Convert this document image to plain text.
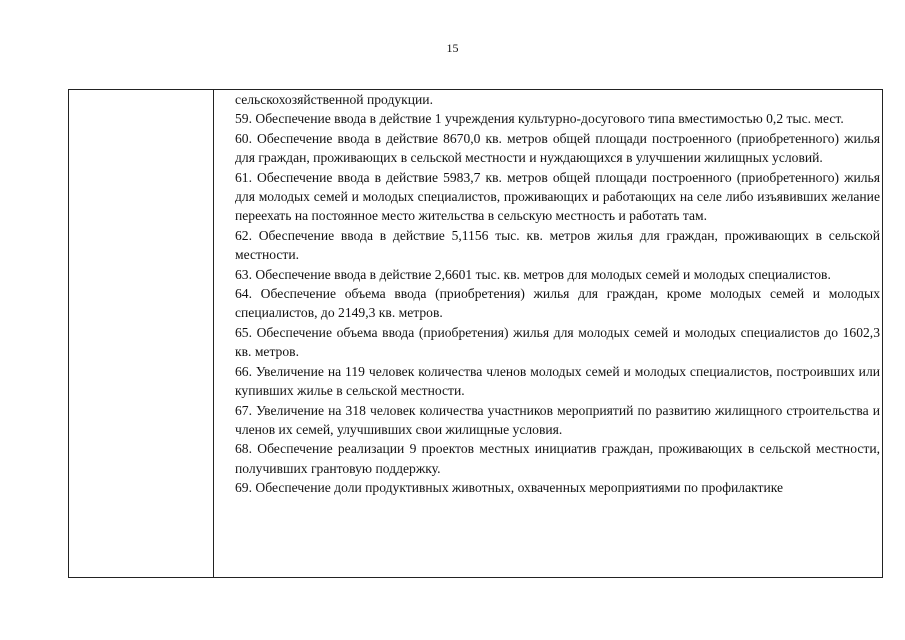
15

сельскохозяйственной продукции.

59. Обеспечение ввода в действие 1 учреждения культурно-досугового типа вместимостью 0,2 тыс. мест.

60. Обеспечение ввода в действие 8670,0 кв. метров общей площади построенного (приобретенного) жилья для граждан, проживающих в сельской местности и нуждающихся в улучшении жилищных условий.

61. Обеспечение ввода в действие 5983,7 кв. метров общей площади построенного (приобретенного) жилья для молодых семей и молодых специалистов, проживающих и работающих на селе либо изъявивших желание переехать на постоянное место жительства в сельскую местность и работать там.

62. Обеспечение ввода в действие 5,1156 тыс. кв. метров жилья для граждан, проживающих в сельской местности.

63. Обеспечение ввода в действие 2,6601 тыс. кв. метров для молодых семей и молодых специалистов.

64. Обеспечение объема ввода (приобретения) жилья для граждан, кроме молодых семей и молодых специалистов, до 2149,3 кв. метров.

65. Обеспечение объема ввода (приобретения) жилья для молодых семей и молодых специалистов до 1602,3 кв. метров.

66. Увеличение на 119 человек количества членов молодых семей и молодых специалистов, построивших или купивших жилье в сельской местности.

67. Увеличение на 318 человек количества участников мероприятий по развитию жилищного строительства и членов их семей, улучшивших свои жилищные условия.

68. Обеспечение реализации 9 проектов местных инициатив граждан, проживающих в сельской местности, получивших грантовую поддержку.

69. Обеспечение доли продуктивных животных, охваченных мероприятиями по профилактике
